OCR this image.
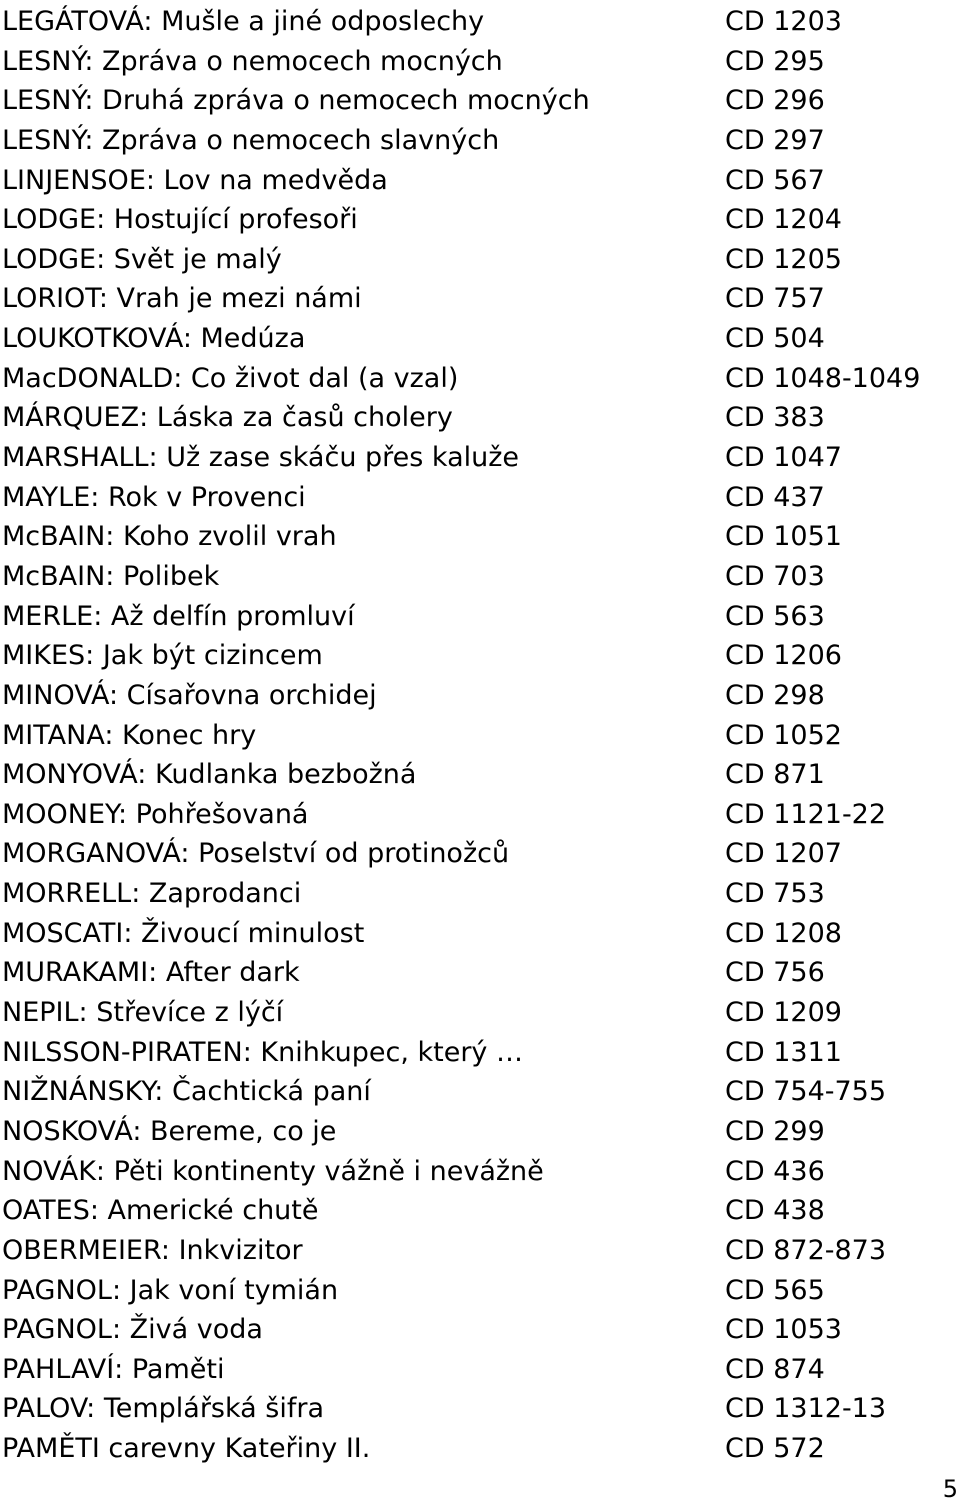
LEGÁTOVÁ: Mušle a jiné odposlechy	CD 1203
LESNÝ: Zpráva o nemocech mocných	CD 295
LESNÝ: Druhá zpráva o nemocech mocných	CD 296
LESNÝ: Zpráva o nemocech slavných	CD 297
LINJENSOE: Lov na medvěda	CD 567
LODGE: Hostující profesoři	CD 1204
LODGE: Svět je malý	CD 1205
LORIOT: Vrah je mezi námi	CD 757
LOUKOTKOVÁ: Medúza	CD 504
MacDONALD: Co život dal (a vzal)	CD 1048-1049
MÁRQUEZ: Láska za časů cholery	CD 383
MARSHALL: Už zase skáču přes kaluže	CD 1047
MAYLE: Rok v Provenci	CD 437
McBAIN: Koho zvolil vrah	CD 1051
McBAIN: Polibek	CD 703
MERLE: Až delfín promluví	CD 563
MIKES: Jak být cizincem	CD 1206
MINOVÁ: Císařovna orchidej	CD 298
MITANA: Konec hry	CD 1052
MONYOVÁ: Kudlanka bezbožná	CD 871
MOONEY: Pohřešovaná	CD 1121-22
MORGANOVÁ: Poselství od protinožců	CD 1207
MORRELL: Zaprodanci	CD 753
MOSCATI: Živoucí minulost	CD 1208
MURAKAMI: After dark	CD 756
NEPIL: Střevíce z lýčí	CD 1209
NILSSON-PIRATEN: Knihkupec, který …	CD 1311
NIŽNÁNSKY: Čachtická paní	CD 754-755
NOSKOVÁ: Bereme, co je	CD 299
NOVÁK: Pěti kontinenty vážně i nevážně	CD 436
OATES: Americké chutě	CD 438
OBERMEIER: Inkvizitor	CD 872-873
PAGNOL: Jak voní tymián	CD 565
PAGNOL: Živá voda	CD 1053
PAHLAVÍ: Paměti	CD 874
PALOV: Templářská šifra	CD 1312-13
PAMĚTI carevny Kateřiny II.	CD 572
5
